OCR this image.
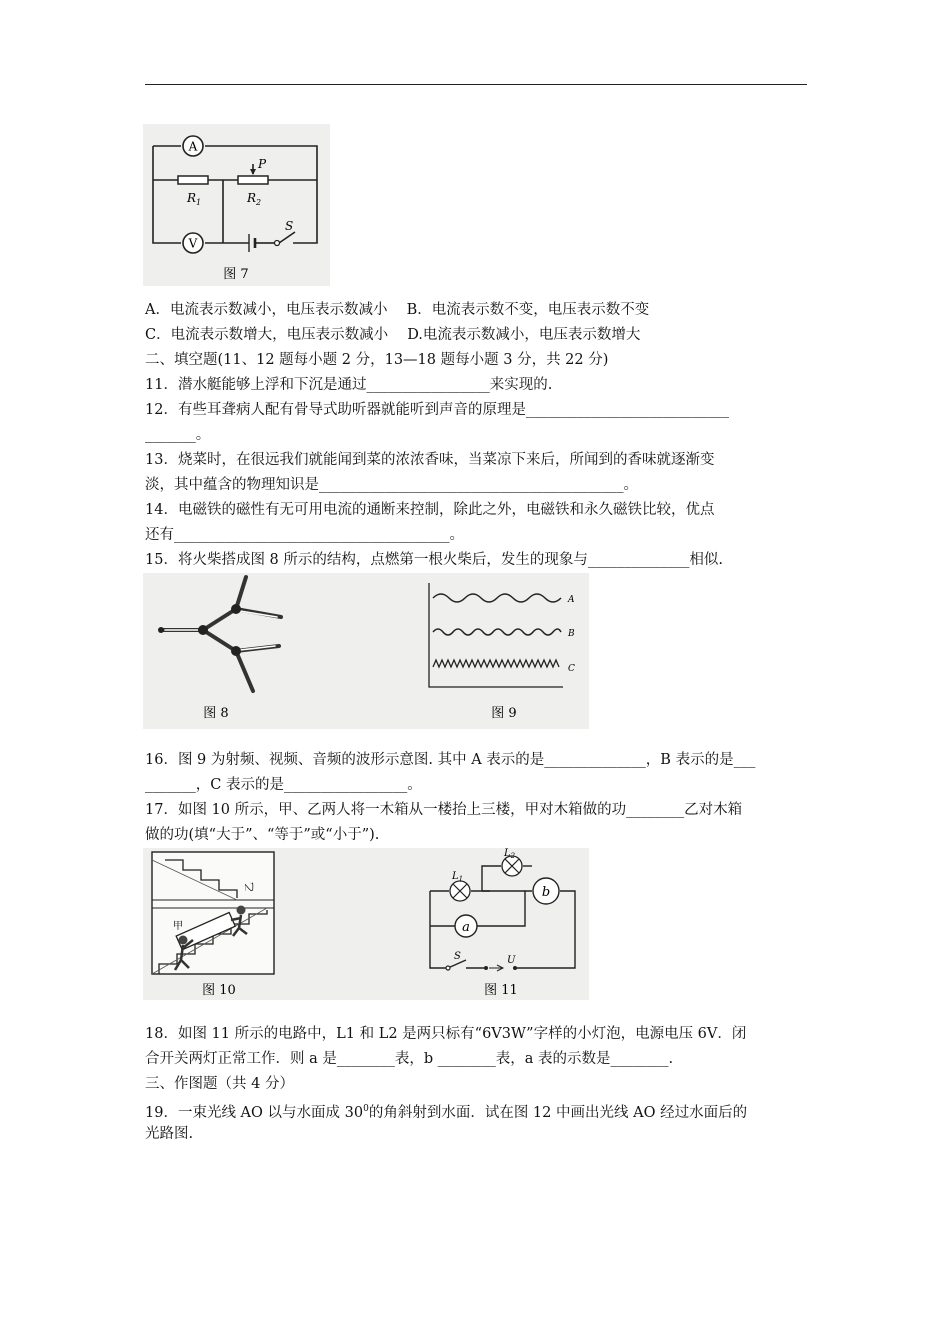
A
V
$R_1$	$R_2$
P
S
图 7
A．电流表示数减小，电压表示数减小　 B．电流表示数不变，电压表示数不变
C．电流表示数增大，电压表示数减小　 D.电流表示数减小，电压表示数增大
二、填空题(11、12 题每小题 2 分，13—18 题每小题 3 分，共 22 分)
11．潜水艇能够上浮和下沉是通过_________________来实现的.
12．有些耳聋病人配有骨导式助听器就能听到声音的原理是____________________________
_______。
13．烧菜时，在很远我们就能闻到菜的浓浓香味，当菜凉下来后，所闻到的香味就逐渐变
淡，其中蕴含的物理知识是__________________________________________。
14．电磁铁的磁性有无可用电流的通断来控制，除此之外，电磁铁和永久磁铁比较，优点
还有______________________________________。
15．将火柴搭成图 8 所示的结构，点燃第一根火柴后，发生的现象与______________相似.
图 8
A
B
C
图 9
16．图 9 为射频、视频、音频的波形示意图. 其中 A 表示的是______________，B 表示的是___
_______，C 表示的是_________________。
17．如图 10 所示，甲、乙两人将一木箱从一楼抬上三楼，甲对木箱做的功________乙对木箱
做的功(填“大于”、“等于”或“小于”).
甲
乙
图 10
$L_1$
$L_2$
b
a
S	U
图 11
18．如图 11 所示的电路中，L1 和 L2 是两只标有“6V3W”字样的小灯泡，电源电压 6V．闭
合开关两灯正常工作．则 a 是________表，b ________表，a 表的示数是________.
三、作图题（共 4 分）
19．一束光线 AO 以与水面成 $30^0$的角斜射到水面．试在图 12 中画出光线 AO 经过水面后的
光路图.
